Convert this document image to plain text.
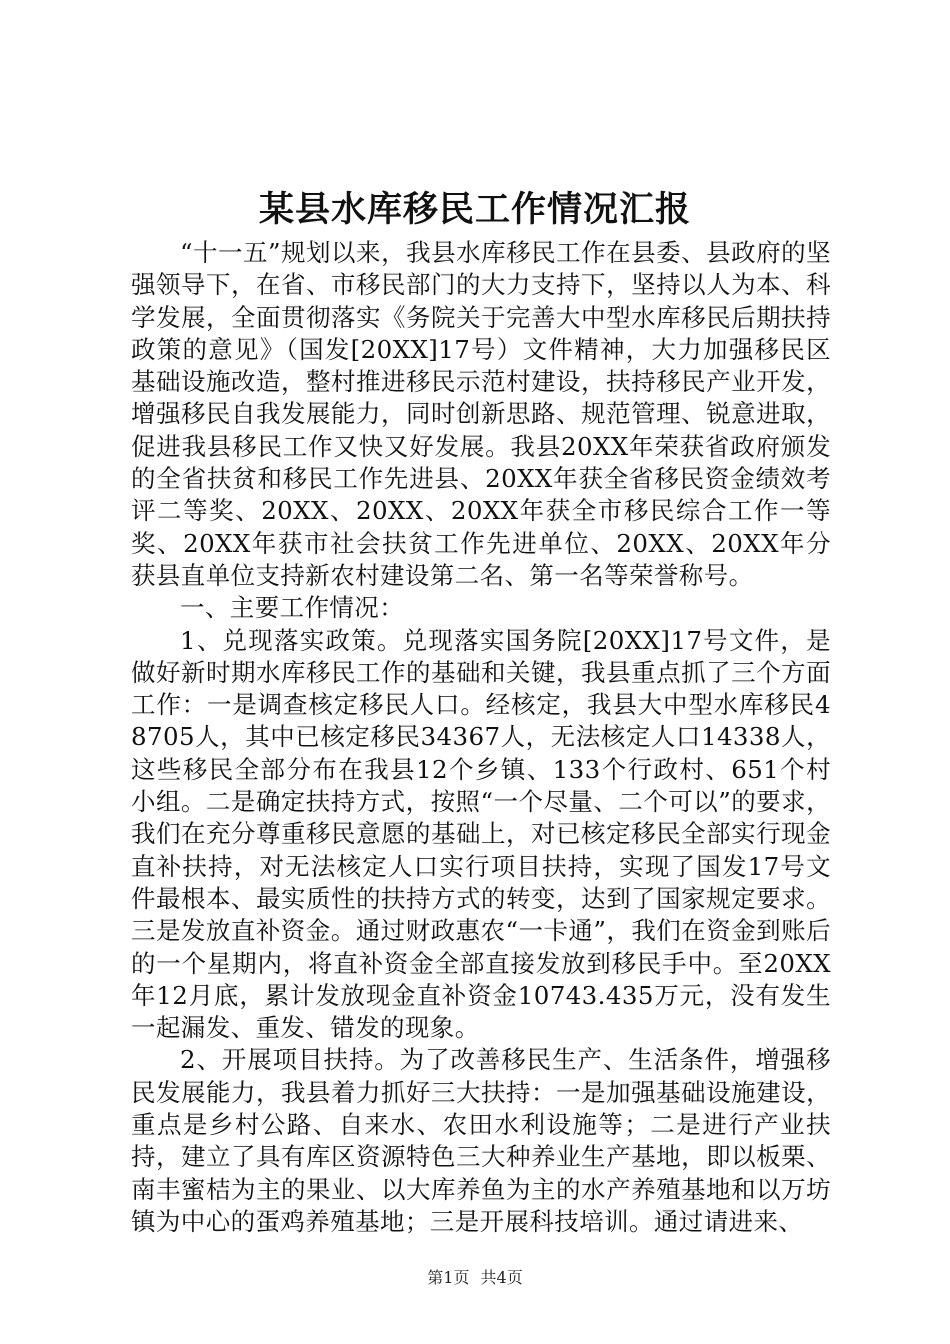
某县水库移民工作情况汇报

“十一五”规划以来，我县水库移民工作在县委、县政府的坚强领导下，在省、市移民部门的大力支持下，坚持以人为本、科学发展，全面贯彻落实《务院关于完善大中型水库移民后期扶持政策的意见》（国发[20XX]17号）文件精神，大力加强移民区基础设施改造，整村推进移民示范村建设，扶持移民产业开发，增强移民自我发展能力，同时创新思路、规范管理、锐意进取，促进我县移民工作又快又好发展。我县20XX年荣获省政府颁发的全省扶贫和移民工作先进县、20XX年获全省移民资金绩效考评二等奖、20XX、20XX、20XX年获全市移民综合工作一等奖、20XX年获市社会扶贫工作先进单位、20XX、20XX年分获县直单位支持新农村建设第二名、第一名等荣誉称号。

一、主要工作情况：

1、兑现落实政策。兑现落实国务院[20XX]17号文件，是做好新时期水库移民工作的基础和关键，我县重点抓了三个方面工作：一是调查核定移民人口。经核定，我县大中型水库移民48705人，其中已核定移民34367人，无法核定人口14338人，这些移民全部分布在我县12个乡镇、133个行政村、651个村小组。二是确定扶持方式，按照“一个尽量、二个可以”的要求，我们在充分尊重移民意愿的基础上，对已核定移民全部实行现金直补扶持，对无法核定人口实行项目扶持，实现了国发17号文件最根本、最实质性的扶持方式的转变，达到了国家规定要求。三是发放直补资金。通过财政惠农“一卡通”，我们在资金到账后的一个星期内，将直补资金全部直接发放到移民手中。至20XX年12月底，累计发放现金直补资金10743.435万元，没有发生一起漏发、重发、错发的现象。

2、开展项目扶持。为了改善移民生产、生活条件，增强移民发展能力，我县着力抓好三大扶持：一是加强基础设施建设，重点是乡村公路、自来水、农田水利设施等；二是进行产业扶持，建立了具有库区资源特色三大种养业生产基地，即以板栗、南丰蜜桔为主的果业、以大库养鱼为主的水产养殖基地和以万坊镇为中心的蛋鸡养殖基地；三是开展科技培训。通过请进来、

第1页 共4页
